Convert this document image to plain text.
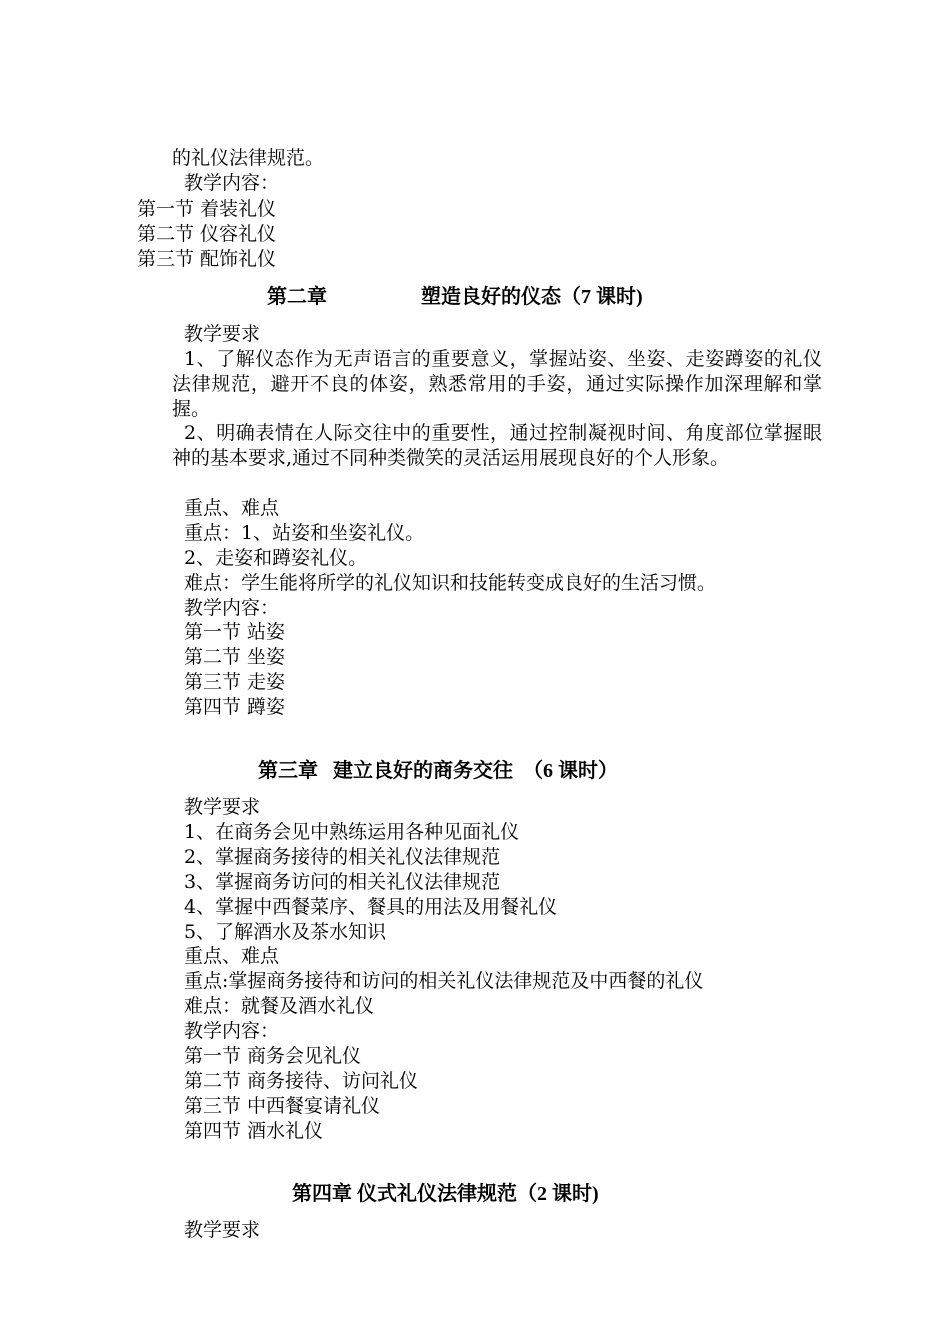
的礼仪法律规范。
教学内容：
第一节 着装礼仪
第二节 仪容礼仪
第三节 配饰礼仪
第二章	塑造良好的仪态（7 课时)
教学要求
1、了解仪态作为无声语言的重要意义，掌握站姿、坐姿、走姿蹲姿的礼仪法律规范，避开不良的体姿，熟悉常用的手姿，通过实际操作加深理解和掌握。
2、明确表情在人际交往中的重要性，通过控制凝视时间、角度部位掌握眼神的基本要求,通过不同种类微笑的灵活运用展现良好的个人形象。
重点、难点
重点：1、站姿和坐姿礼仪。
2、走姿和蹲姿礼仪。
难点：学生能将所学的礼仪知识和技能转变成良好的生活习惯。
教学内容：
第一节 站姿
第二节 坐姿
第三节 走姿
第四节 蹲姿
第三章   建立良好的商务交往  （6 课时）
教学要求
1、在商务会见中熟练运用各种见面礼仪
2、掌握商务接待的相关礼仪法律规范
3、掌握商务访问的相关礼仪法律规范
4、掌握中西餐菜序、餐具的用法及用餐礼仪
5、了解酒水及茶水知识
重点、难点
重点:掌握商务接待和访问的相关礼仪法律规范及中西餐的礼仪
难点：就餐及酒水礼仪
教学内容：
第一节 商务会见礼仪
第二节 商务接待、访问礼仪
第三节 中西餐宴请礼仪
第四节 酒水礼仪
第四章 仪式礼仪法律规范（2 课时)
教学要求
